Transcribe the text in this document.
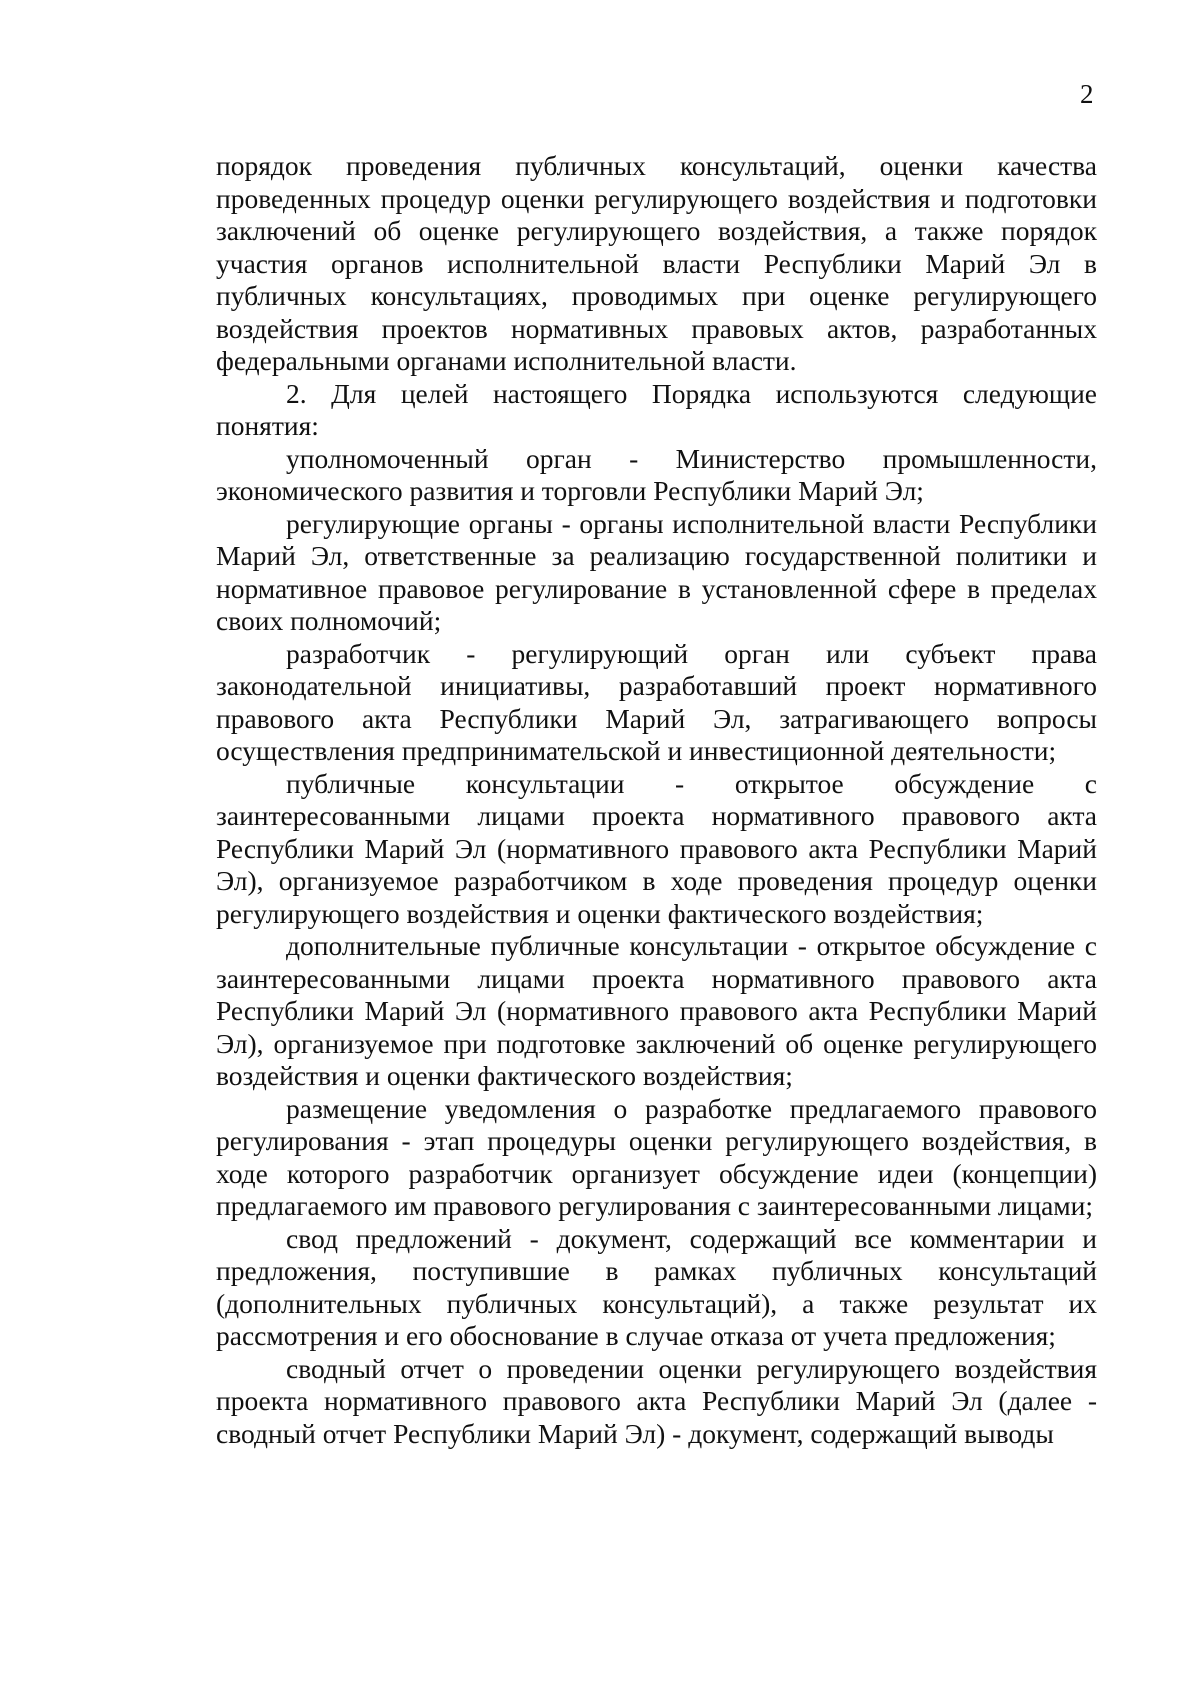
2

порядок проведения публичных консультаций, оценки качества проведенных процедур оценки регулирующего воздействия и подготовки заключений об оценке регулирующего воздействия, а также порядок участия органов исполнительной власти Республики Марий Эл в публичных консультациях, проводимых при оценке регулирующего воздействия проектов нормативных правовых актов, разработанных федеральными органами исполнительной власти.

2. Для целей настоящего Порядка используются следующие понятия:

уполномоченный орган - Министерство промышленности, экономического развития и торговли Республики Марий Эл;

регулирующие органы - органы исполнительной власти Республики Марий Эл, ответственные за реализацию государственной политики и нормативное правовое регулирование в установленной сфере в пределах своих полномочий;

разработчик - регулирующий орган или субъект права законодательной инициативы, разработавший проект нормативного правового акта Республики Марий Эл, затрагивающего вопросы осуществления предпринимательской и инвестиционной деятельности;

публичные консультации - открытое обсуждение с заинтересованными лицами проекта нормативного правового акта Республики Марий Эл (нормативного правового акта Республики Марий Эл), организуемое разработчиком в ходе проведения процедур оценки регулирующего воздействия и оценки фактического воздействия;

дополнительные публичные консультации - открытое обсуждение с заинтересованными лицами проекта нормативного правового акта Республики Марий Эл (нормативного правового акта Республики Марий Эл), организуемое при подготовке заключений об оценке регулирующего воздействия и оценки фактического воздействия;

размещение уведомления о разработке предлагаемого правового регулирования - этап процедуры оценки регулирующего воздействия, в ходе которого разработчик организует обсуждение идеи (концепции) предлагаемого им правового регулирования с заинтересованными лицами;

свод предложений - документ, содержащий все комментарии и предложения, поступившие в рамках публичных консультаций (дополнительных публичных консультаций), а также результат их рассмотрения и его обоснование в случае отказа от учета предложения;

сводный отчет о проведении оценки регулирующего воздействия проекта нормативного правового акта Республики Марий Эл (далее - сводный отчет Республики Марий Эл) - документ, содержащий выводы
